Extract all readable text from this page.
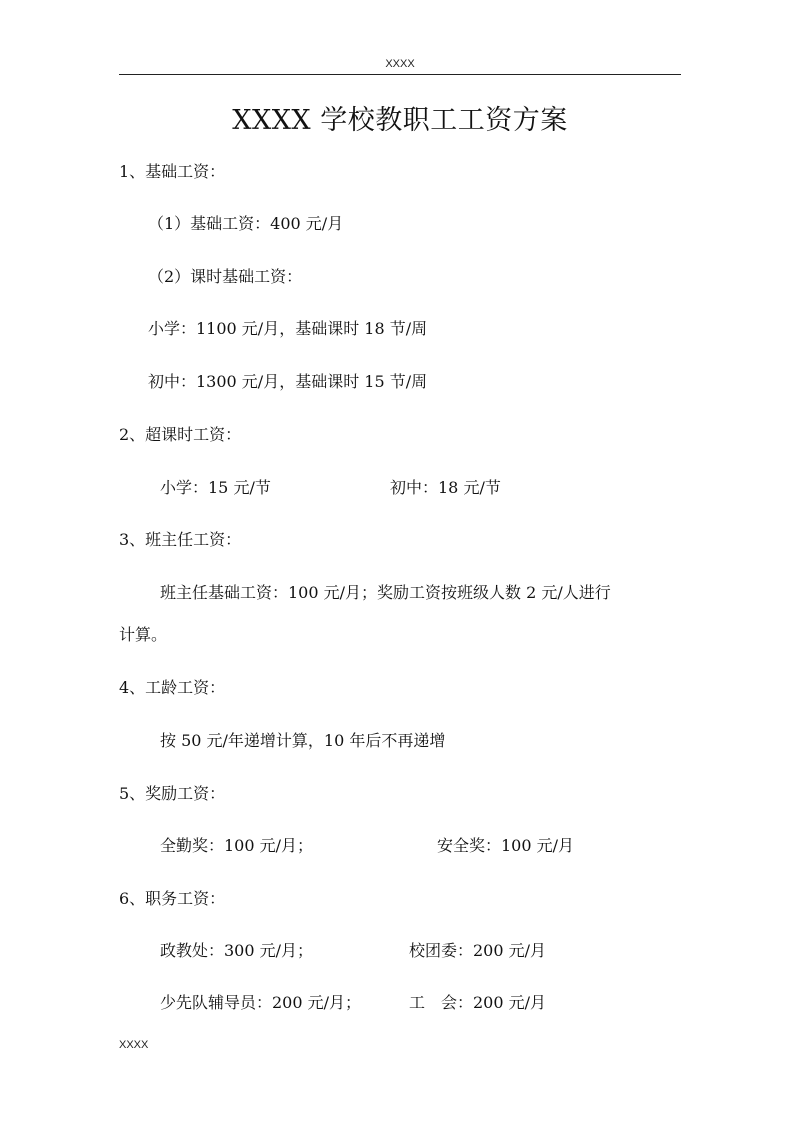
XXXX
XXXX 学校教职工工资方案
1、基础工资：
（1）基础工资：400 元/月
（2）课时基础工资：
小学：1100 元/月，基础课时 18 节/周
初中：1300 元/月，基础课时 15 节/周
2、超课时工资：
小学：15 元/节	初中：18 元/节
3、班主任工资：
班主任基础工资：100 元/月；奖励工资按班级人数 2 元/人进行
计算。
4、工龄工资：
按 50 元/年递增计算，10 年后不再递增
5、奖励工资：
全勤奖：100 元/月；	安全奖：100 元/月
6、职务工资：
政教处：300 元/月；	校团委：200 元/月
少先队辅导员：200 元/月；	工　会：200 元/月
XXXX
